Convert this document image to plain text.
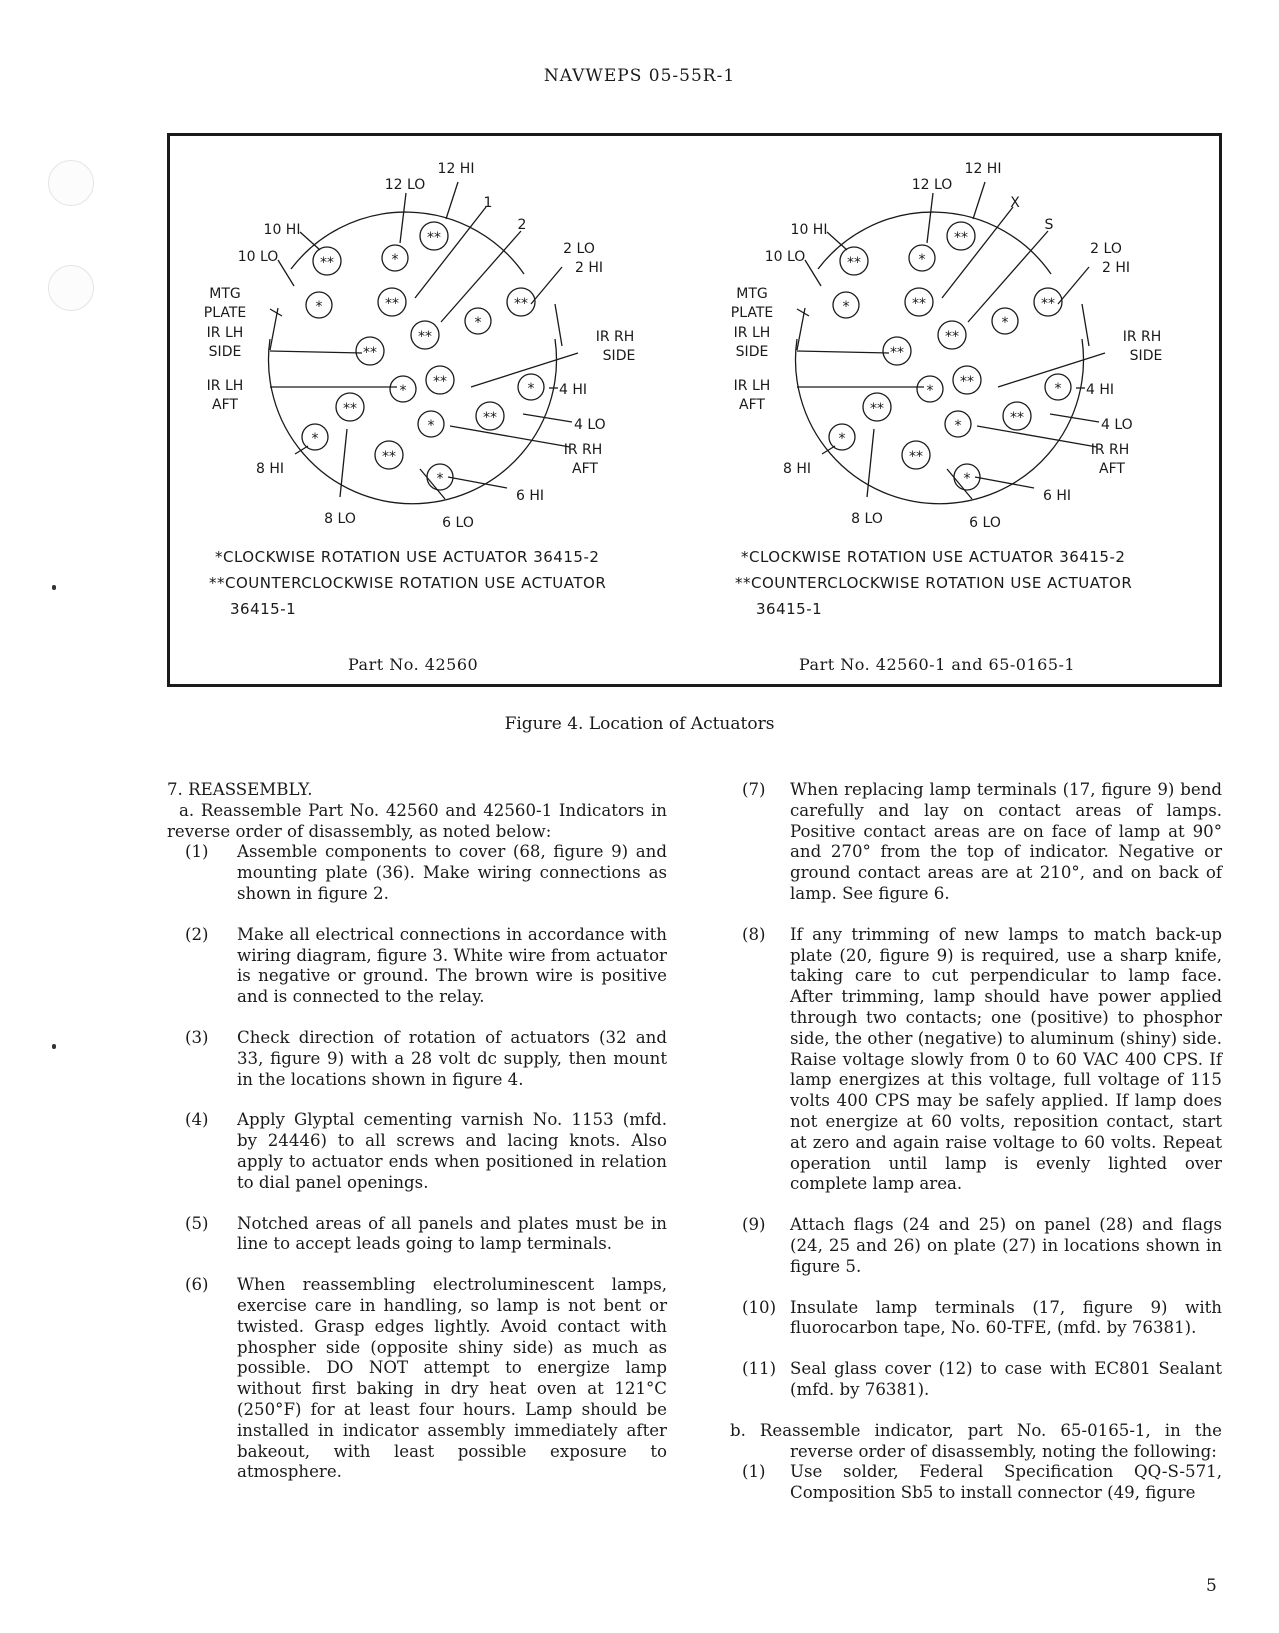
NAVWEPS 05-55R-1
**
**	*
*	**	**
*
**
**
**
*	*
**
**
*
*
**
*
12 HI
12 LO
1
2
10 HI
10 LO
MTG
PLATE
2 LO
2 HI
IR LH
SIDE
IR RH
SIDE
IR LH
AFT
4 HI
4 LO
IR RH
AFT
8 HI
6 HI
8 LO	6 LO
*CLOCKWISE ROTATION USE ACTUATOR 36415-2
**COUNTERCLOCKWISE ROTATION USE ACTUATOR
36415-1
Part No. 42560
**
**	*
*	**	**
*
**
**
**
*	*
**
**
*
*
**
*
12 HI
12 LO
X
S
10 HI
10 LO
MTG
PLATE
2 LO
2 HI
IR LH
SIDE
IR RH
SIDE
IR LH
AFT
4 HI
4 LO
IR RH
AFT
8 HI
6 HI
8 LO	6 LO
*CLOCKWISE ROTATION USE ACTUATOR 36415-2
**COUNTERCLOCKWISE ROTATION USE ACTUATOR
36415-1
Part No. 42560-1 and 65-0165-1
Figure 4. Location of Actuators

7. REASSEMBLY.

a. Reassemble Part No. 42560 and 42560-1 Indicators in reverse order of disassembly, as noted below:

(1)	Assemble components to cover (68, figure 9) and mounting plate (36). Make wiring connections as shown in figure 2.
(2)	Make all electrical connections in accordance with wiring diagram, figure 3. White wire from actuator is negative or ground. The brown wire is positive and is connected to the relay.
(3)	Check direction of rotation of actuators (32 and 33, figure 9) with a 28 volt dc supply, then mount in the locations shown in figure 4.
(4)	Apply Glyptal cementing varnish No. 1153 (mfd. by 24446) to all screws and lacing knots. Also apply to actuator ends when positioned in relation to dial panel openings.
(5)	Notched areas of all panels and plates must be in line to accept leads going to lamp terminals.
(6)	When reassembling electroluminescent lamps, exercise care in handling, so lamp is not bent or twisted. Grasp edges lightly. Avoid contact with phospher side (opposite shiny side) as much as possible. DO NOT attempt to energize lamp without first baking in dry heat oven at 121°C (250°F) for at least four hours. Lamp should be installed in indicator assembly immediately after bakeout, with least possible exposure to atmosphere.
(7)	When replacing lamp terminals (17, figure 9) bend carefully and lay on contact areas of lamps. Positive contact areas are on face of lamp at 90° and 270° from the top of indicator. Negative or ground contact areas are at 210°, and on back of lamp. See figure 6.
(8)	If any trimming of new lamps to match back-up plate (20, figure 9) is required, use a sharp knife, taking care to cut perpendicular to lamp face. After trimming, lamp should have power applied through two contacts; one (positive) to phosphor side, the other (negative) to aluminum (shiny) side. Raise voltage slowly from 0 to 60 VAC 400 CPS. If lamp energizes at this voltage, full voltage of 115 volts 400 CPS may be safely applied. If lamp does not energize at 60 volts, reposition contact, start at zero and again raise voltage to 60 volts. Repeat operation until lamp is evenly lighted over complete lamp area.
(9)	Attach flags (24 and 25) on panel (28) and flags (24, 25 and 26) on plate (27) in locations shown in figure 5.
(10) Insulate lamp terminals (17, figure 9) with fluorocarbon tape, No. 60-TFE, (mfd. by 76381).
(11) Seal glass cover (12) to case with EC801 Sealant (mfd. by 76381).

b. Reassemble indicator, part No. 65-0165-1, in the reverse order of disassembly, noting the following:

(1)	Use solder, Federal Specification QQ-S-571, Composition Sb5 to install connector (49, figure
5
